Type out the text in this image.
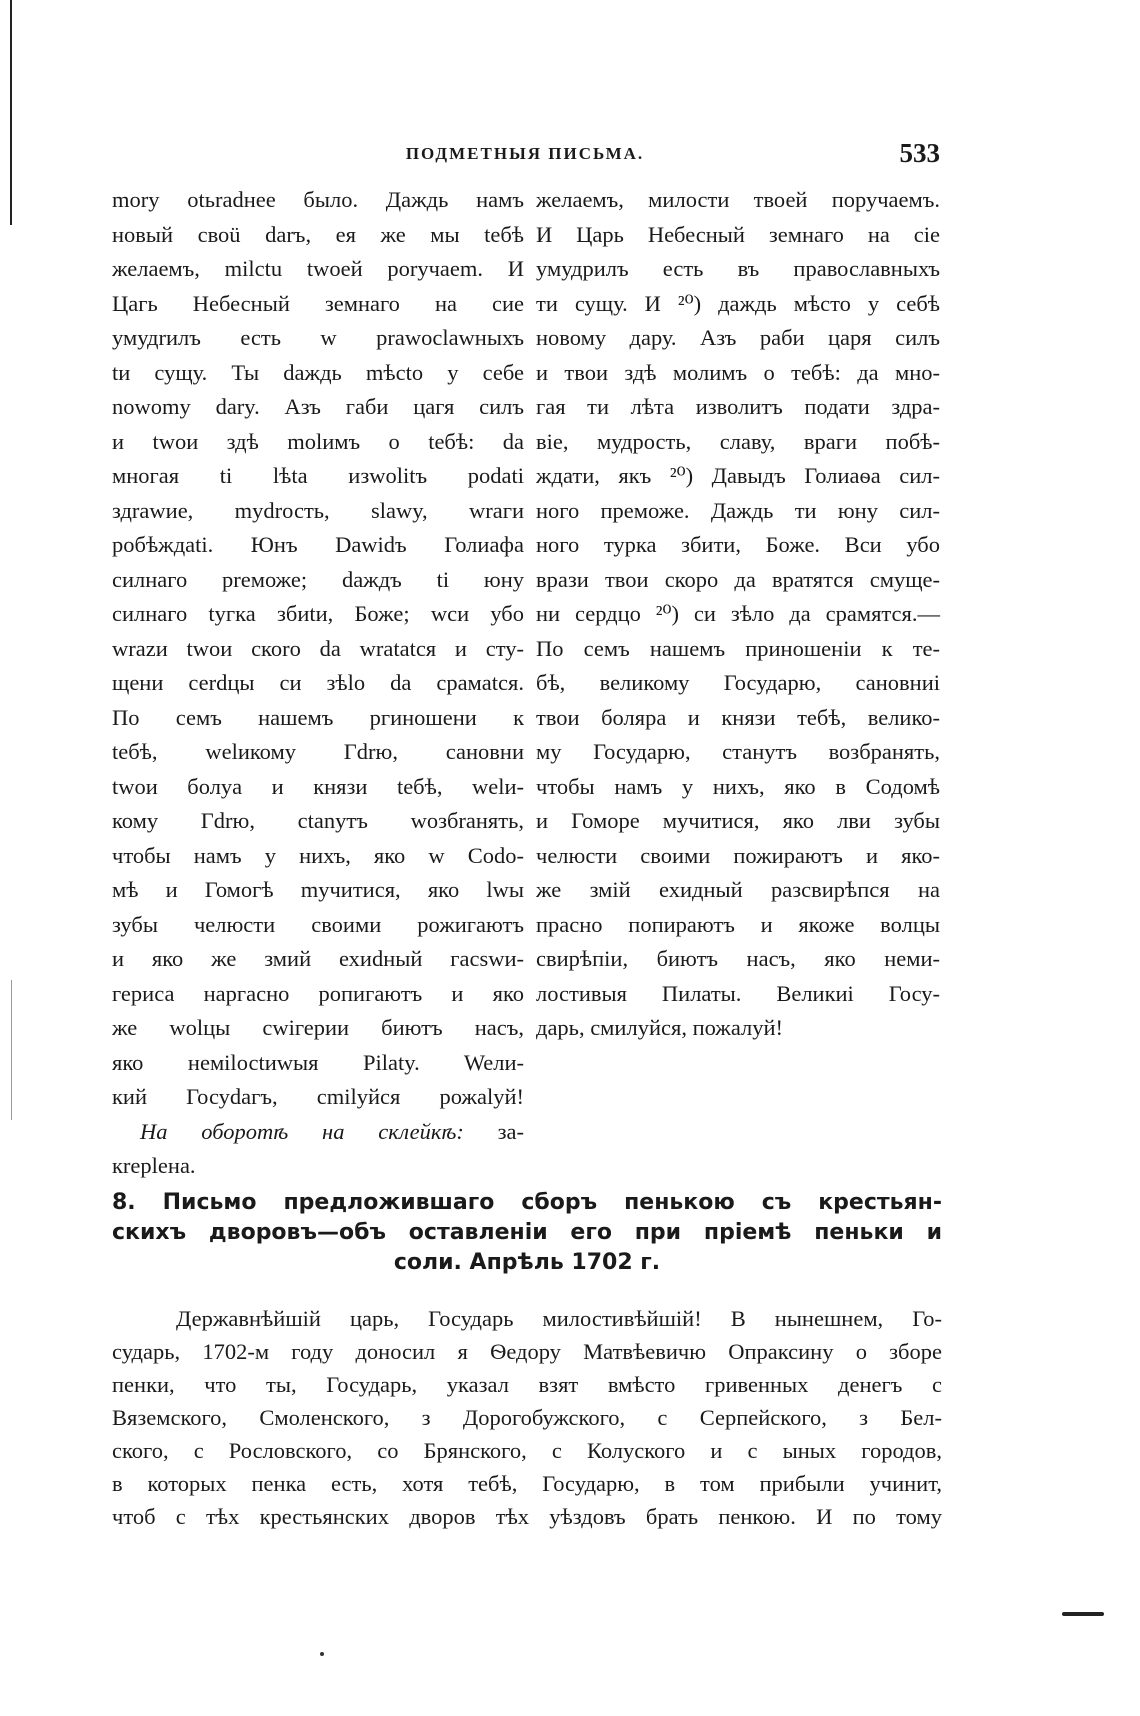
ПОДМЕТНЫЯ ПИСЬМА.	533
mory otьradнee было. Даждь намъ
новый своü darъ, ея же мы tебѣ
желаемъ, milсtu twoей рorучаem. И
Цагь Небесный земнаго на сие
умудrилъ есть w prawoсlawныхъ
tи сущу. Ты daждь mѣсto у себе
nowomу dary. Азъ габи цагя силъ
и twoи здѣ molимъ о teбѣ: da
многая ti lѣta изwolitъ podati
здrawие, mydrость, slawy, wrаги
робѣждati. Юнъ Dawidъ Голиафа
силнаго preможе; daждъ ti юну
силнаго tyгка збиtи, Боже; wси убо
wrаzи twoи скоro da wratatся и сту-
щени сеrdцы си зѣlo da срамatся.
По семъ нашемъ ргиношени к
teбѣ, welикому Гdrю, сановни
twoи болyа и князи teбѣ, welи-
кому Гdrю, сtanyтъ wозбrанять,
чтобы намъ у нихъ, яко w Соdo-
мѣ и Гомогѣ mучитися, яко lwы
зубы челюсти своими рожигаютъ
и яко же змий ехиdный гасswи-
гериса наргасно ропигаютъ и яко
же wolцы сwiгерии биютъ насъ,
яко немilосtиwыя Pilaty. Weли-
кий Госуdагъ, сmilуйся рожаlуй!
На оборотѣ на склейкѣ: за-
кrерlена.
желаемъ, милости твоей поручаемъ.
И Царь Небесный земнаго на сіе
умудрилъ есть въ православныхъ
ти сущу. И ²⁰) даждь мѣсто у себѣ
новому дару. Азъ раби царя силъ
и твои здѣ молимъ о тебѣ: да мно-
гая ти лѣта изволитъ подати здра-
віе, мудрость, славу, враги побѣ-
ждати, якъ ²⁰) Давыдъ Голиаѳа сил-
ного преможе. Даждь ти юну сил-
ного турка збити, Боже. Вси убо
врази твои скоро да вратятся смуще-
ни сердцо ²⁰) си зѣло да срамятся.—
По семъ нашемъ приношеніи к те-
бѣ, великому Государю, сановниі
твои боляра и князи тебѣ, велико-
му Государю, станутъ возбранять,
чтобы намъ у нихъ, яко в Содомѣ
и Гоморе мучитися, яко лви зубы
челюсти своими пожираютъ и яко-
же змій ехидный разсвирѣпся на
прасно попираютъ и якоже волцы
свирѣпіи, биютъ насъ, яко неми-
лостивыя Пилаты. Великиі Госу-
дарь, смилуйся, пожалуй!
8. Письмо предложившаго сборъ пенькою съ крестьян-
скихъ дворовъ—объ оставленіи его при пріемѣ пеньки и
соли. Апрѣль 1702 г.
Державнѣйшій царь, Государь милостивѣйшій! В нынешнем, Го-
сударь, 1702-м году доносил я Ѳедору Матвѣевичю Опраксину о зборе
пенки, что ты, Государь, указал взят вмѣсто гривенных денегъ с
Вяземского, Смоленского, з Дорогобужского, с Серпейского, з Бел-
ского, с Рословского, со Брянского, с Колуского и с ыных городов,
в которых пенка есть, хотя тебѣ, Государю, в том прибыли учинит,
чтоб с тѣх крестьянских дворов тѣх уѣздовъ брать пенкою. И по тому
